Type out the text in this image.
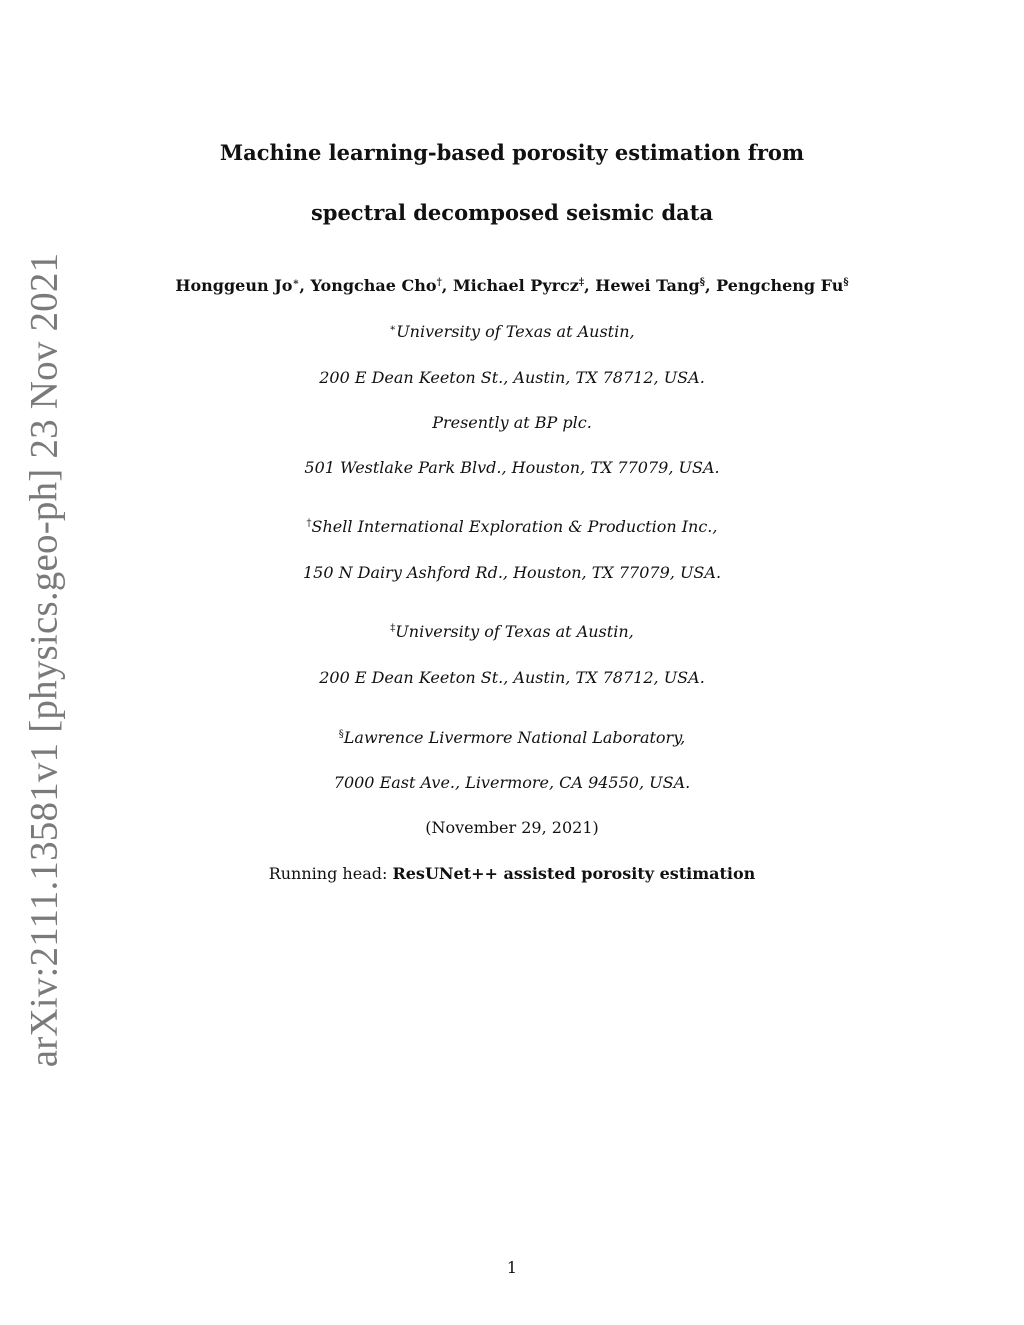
arXiv:2111.13581v1 [physics.geo-ph] 23 Nov 2021
Machine learning-based porosity estimation from
spectral decomposed seismic data
Honggeun Jo∗, Yongchae Cho†, Michael Pyrcz‡, Hewei Tang§, Pengcheng Fu§
∗University of Texas at Austin,
200 E Dean Keeton St., Austin, TX 78712, USA.
Presently at BP plc.
501 Westlake Park Blvd., Houston, TX 77079, USA.
†Shell International Exploration & Production Inc.,
150 N Dairy Ashford Rd., Houston, TX 77079, USA.
‡University of Texas at Austin,
200 E Dean Keeton St., Austin, TX 78712, USA.
§Lawrence Livermore National Laboratory,
7000 East Ave., Livermore, CA 94550, USA.
(November 29, 2021)
Running head: ResUNet++ assisted porosity estimation
1
